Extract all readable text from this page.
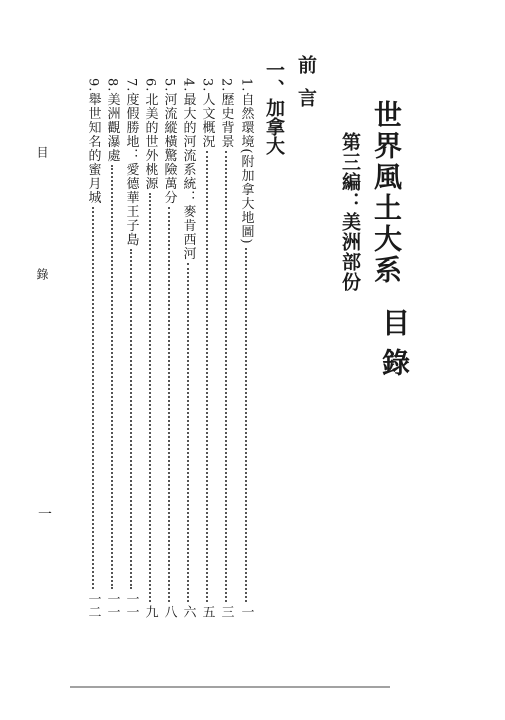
世界風土大系
目錄
第三編：美洲部份
前言
一、加拿大
1.自然環境(附加拿大地圖)
一
2.歷史背景
三
3.人文概況
五
4.最大的河流系統：麥肯西河
六
5.河流縱橫驚險萬分
八
6.北美的世外桃源
九
7.度假勝地：愛德華王子島
一一
8.美洲觀瀑處
一一
9.舉世知名的蜜月城
一二
目錄
一
